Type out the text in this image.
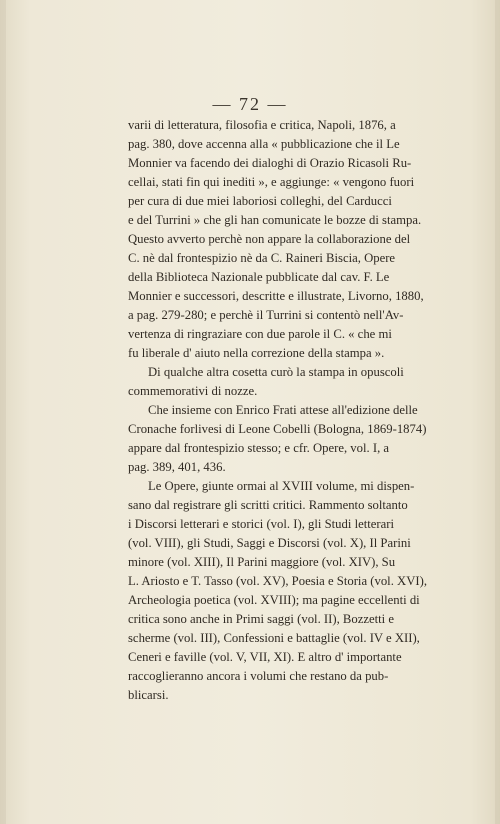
— 72 —
varii di letteratura, filosofia e critica, Napoli, 1876, a
pag. 380, dove accenna alla « pubblicazione che il Le
Monnier va facendo dei dialoghi di Orazio Ricasoli Ru-
cellai, stati fin qui inediti », e aggiunge: « vengono fuori
per cura di due miei laboriosi colleghi, del Carducci
e del Turrini » che gli han comunicate le bozze di stampa.
Questo avverto perchè non appare la collaborazione del
C. nè dal frontespizio nè da C. Raineri Biscia, Opere
della Biblioteca Nazionale pubblicate dal cav. F. Le
Monnier e successori, descritte e illustrate, Livorno, 1880,
a pag. 279-280; e perchè il Turrini si contentò nell'Av-
vertenza di ringraziare con due parole il C. « che mi
fu liberale d' aiuto nella correzione della stampa ».
Di qualche altra cosetta curò la stampa in opuscoli
commemorativi di nozze.
Che insieme con Enrico Frati attese all'edizione delle
Cronache forlivesi di Leone Cobelli (Bologna, 1869-1874)
appare dal frontespizio stesso; e cfr. Opere, vol. I, a
pag. 389, 401, 436.
Le Opere, giunte ormai al XVIII volume, mi dispen-
sano dal registrare gli scritti critici. Rammento soltanto
i Discorsi letterari e storici (vol. I), gli Studi letterari
(vol. VIII), gli Studi, Saggi e Discorsi (vol. X), Il Parini
minore (vol. XIII), Il Parini maggiore (vol. XIV), Su
L. Ariosto e T. Tasso (vol. XV), Poesia e Storia (vol. XVI),
Archeologia poetica (vol. XVIII); ma pagine eccellenti di
critica sono anche in Primi saggi (vol. II), Bozzetti e
scherme (vol. III), Confessioni e battaglie (vol. IV e XII),
Ceneri e faville (vol. V, VII, XI). E altro d' importante
raccoglieranno ancora i volumi che restano da pub-
blicarsi.
